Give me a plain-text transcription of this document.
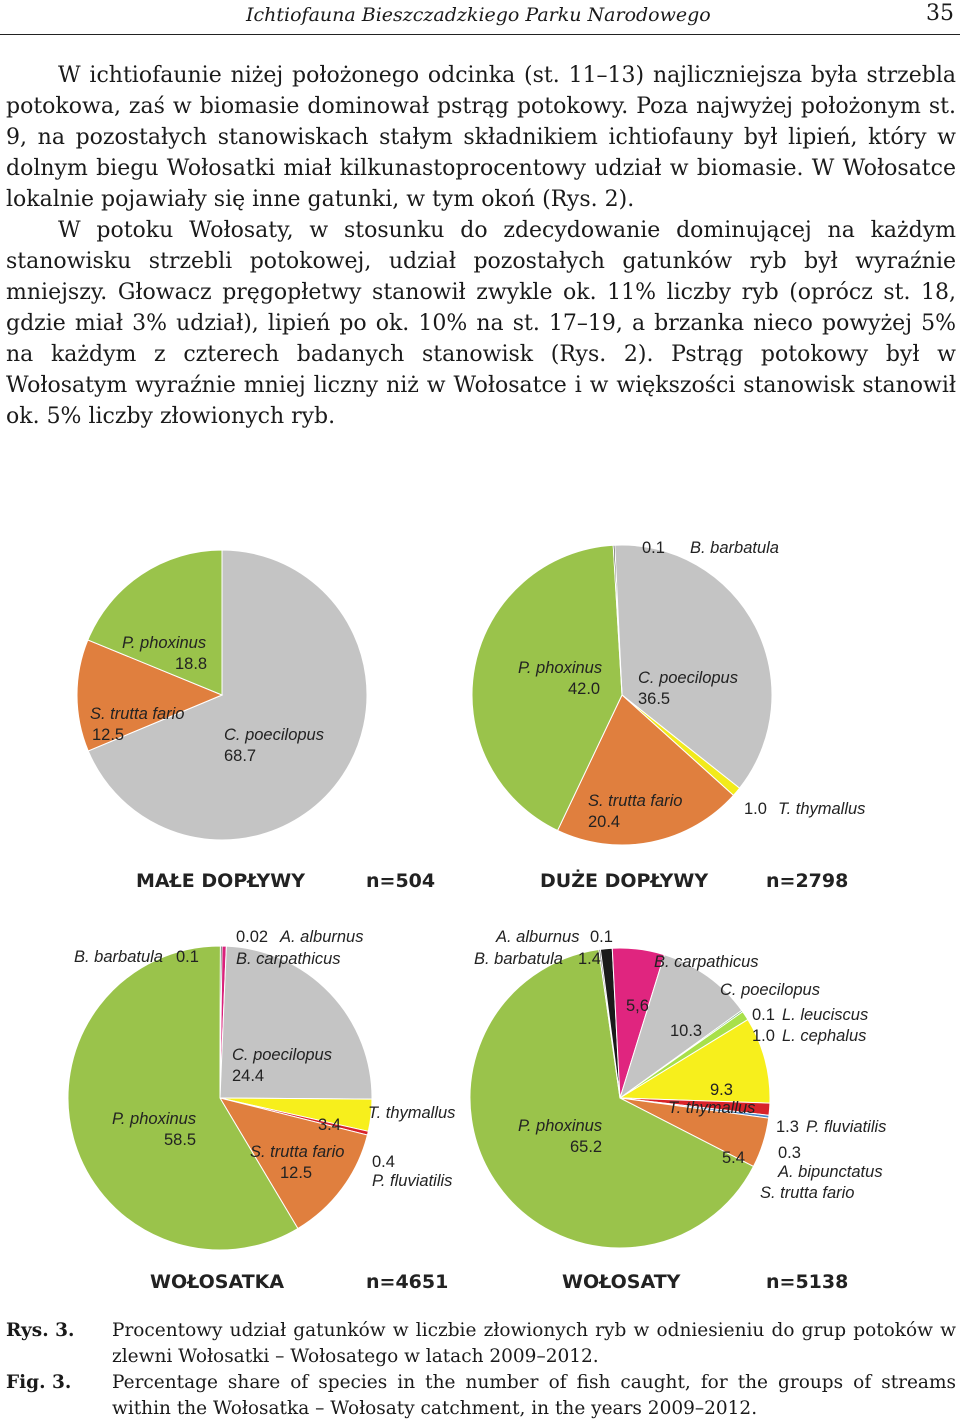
Ichtiofauna Bieszczadzkiego Parku Narodowego	35

W ichtiofaunie niżej położonego odcinka (st. 11–13) najliczniejsza była strzebla potokowa, zaś w biomasie dominował pstrąg potokowy. Poza najwyżej położonym st. 9, na pozostałych stanowiskach stałym składnikiem ichtiofauny był lipień, który w dolnym biegu Wołosatki miał kilkunastoprocentowy udział w biomasie. W Wołosatce lokalnie pojawiały się inne gatunki, w tym okoń (Rys. 2).

W potoku Wołosaty, w stosunku do zdecydowanie dominującej na każdym stanowisku strzebli potokowej, udział pozostałych gatunków ryb był wyraźnie mniejszy. Głowacz pręgopłetwy stanowił zwykle ok. 11% liczby ryb (oprócz st. 18, gdzie miał 3% udział), lipień po ok. 10% na st. 17–19, a brzanka nieco powyżej 5% na każdym z czterech badanych stanowisk (Rys. 2). Pstrąg potokowy był w Wołosatym wyraźnie mniej liczny niż w Wołosatce i w większości stanowisk stanowił ok. 5% liczby złowionych ryb.

P. phoxinus
18.8
S. trutta fario
12.5	C. poecilopus
68.7
MAŁE DOPŁYWY	n=504
0.1 B. barbatula
P. phoxinus
42.0
C. poecilopus
36.5
S. trutta fario
20.4
1.0 T. thymallus
DUŻE DOPŁYWY	n=2798
0.02 A. alburnus
B. barbatula 0.1 B. carpathicus
C. poecilopus
24.4
P. phoxinus
58.5
3.4
T. thymallus
S. trutta fario
12.5
0.4
P. fluviatilis
WOŁOSATKA	n=4651
A. alburnus 0.1
B. barbatula 1.4	B. carpathicus
5,6
C. poecilopus
10.3
0.1 L. leuciscus
1.0 L. cephalus
9.3
T. thymallus
1.3 P. fluviatilis
P. phoxinus
65.2	0.3
5.4
A. bipunctatus
S. trutta fario
WOŁOSATY	n=5138
Rys. 3.	Procentowy udział gatunków w liczbie złowionych ryb w odniesieniu do grup potoków w zlewni Wołosatki – Wołosatego w latach 2009–2012.
Fig. 3.	Percentage share of species in the number of fish caught, for the groups of streams within the Wołosatka – Wołosaty catchment, in the years 2009–2012.
